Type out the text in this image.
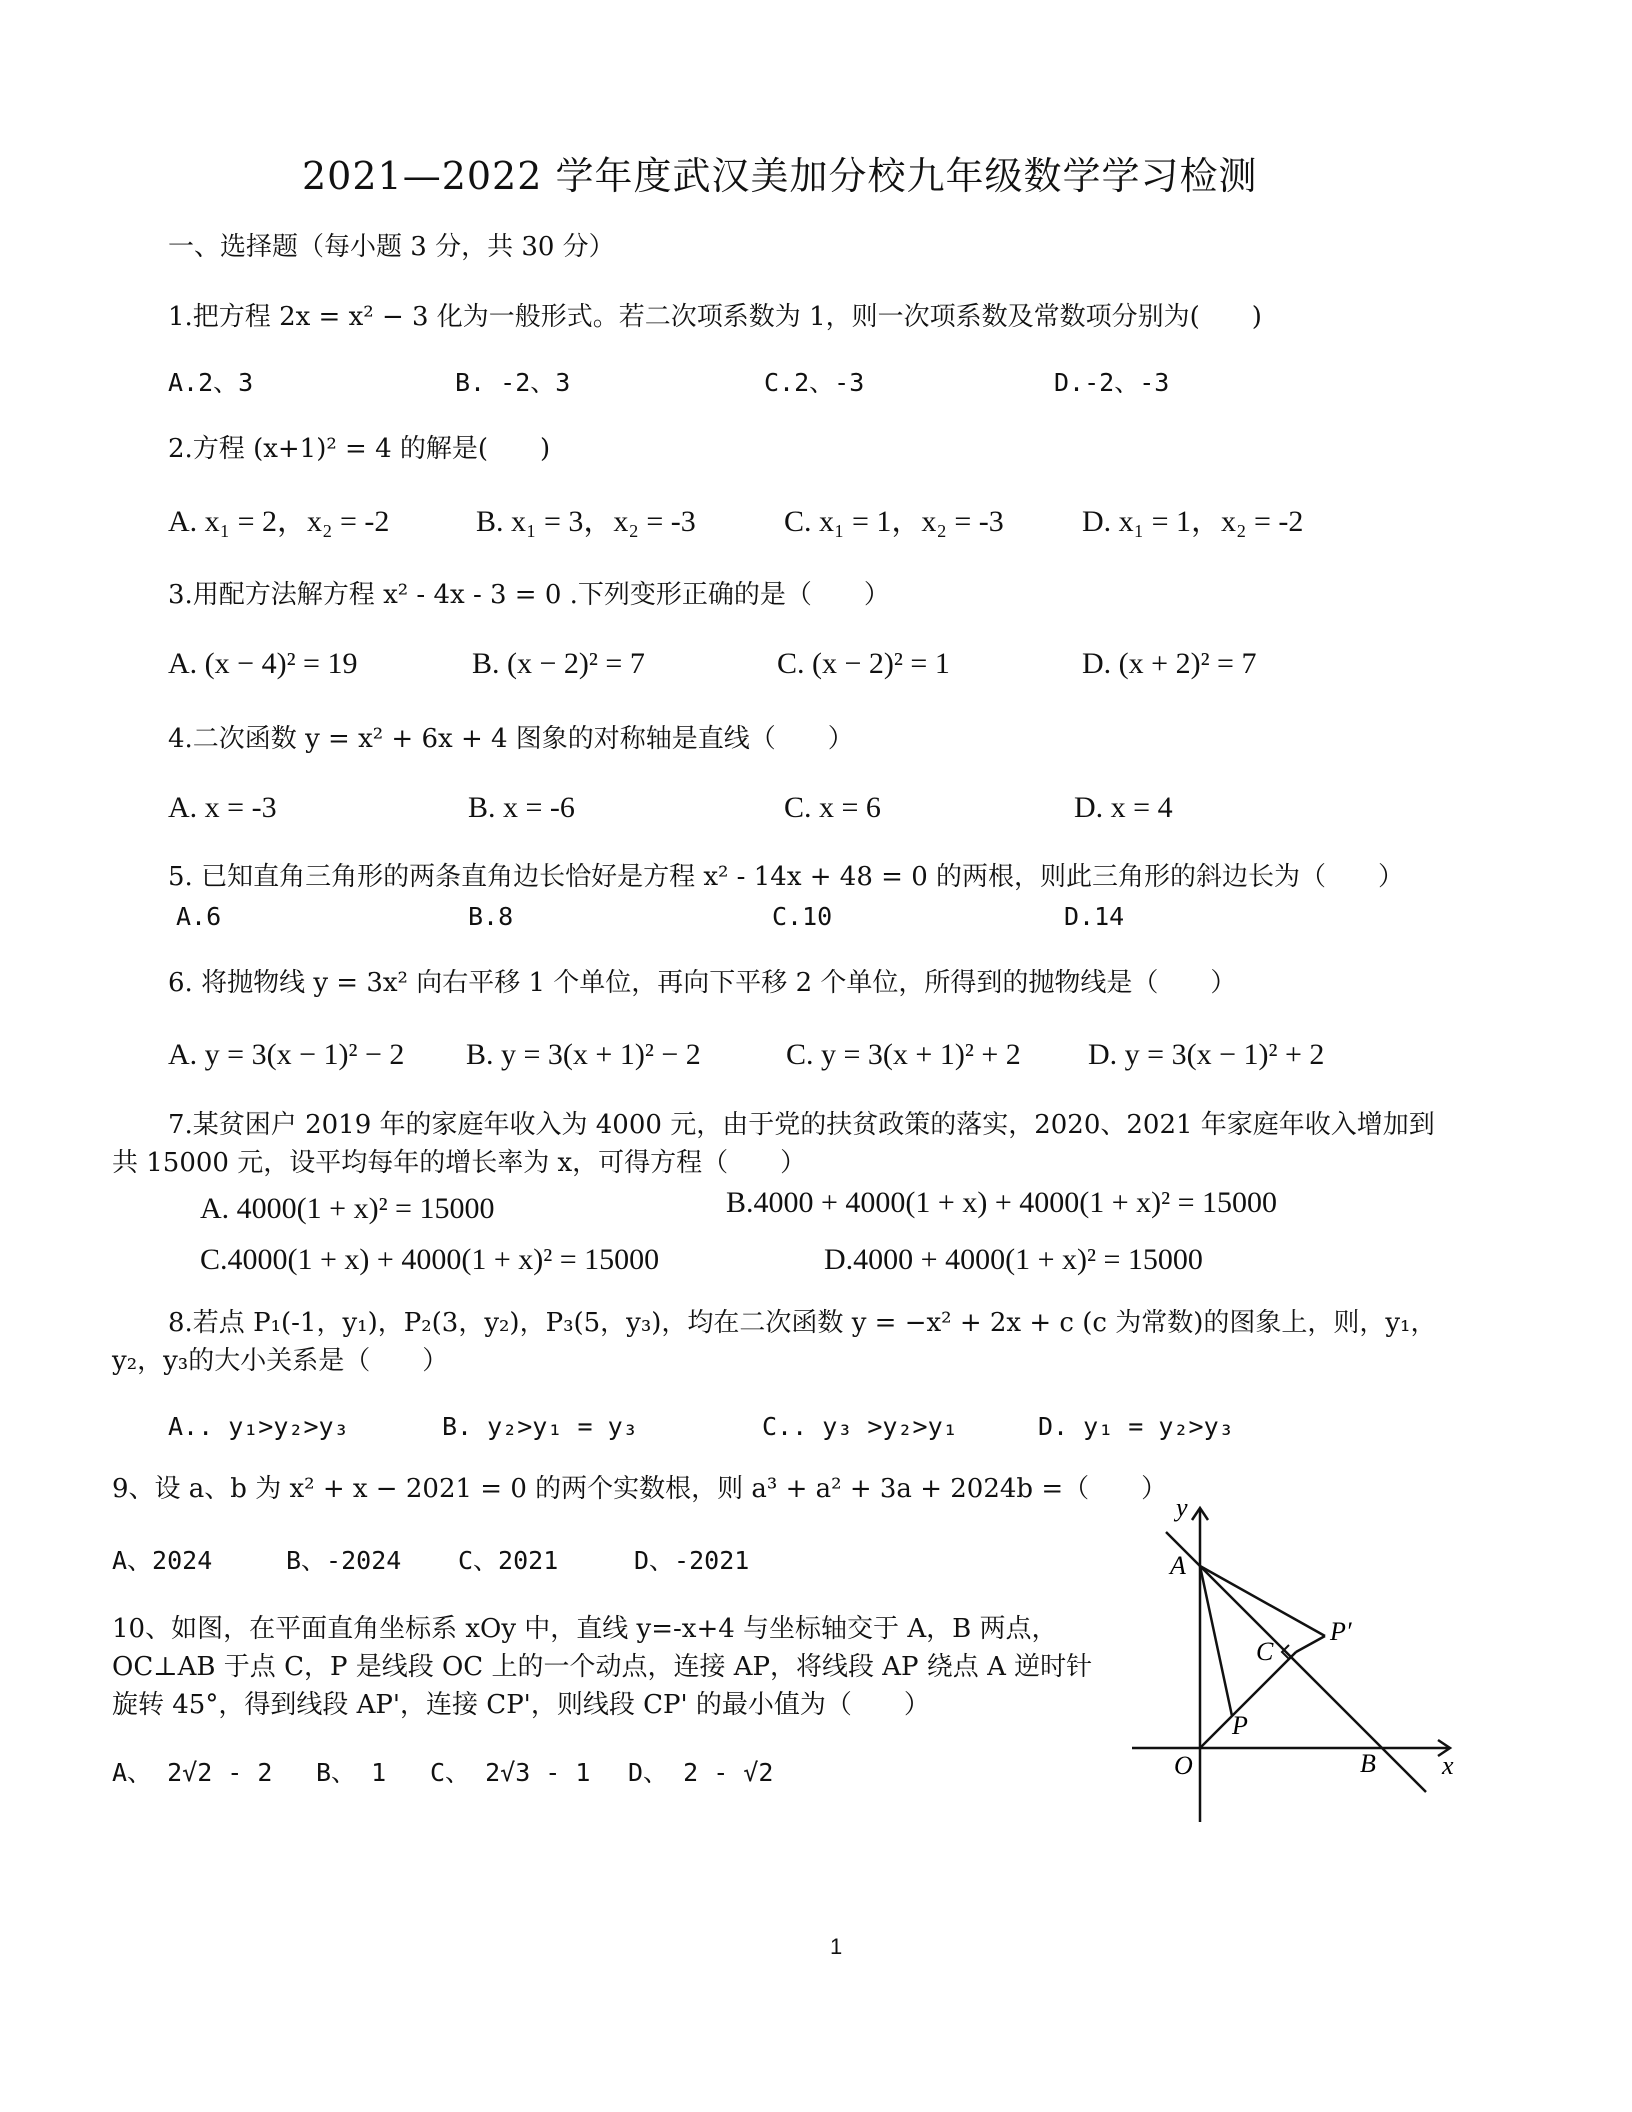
2021—2022 学年度武汉美加分校九年级数学学习检测
一、选择题（每小题 3 分，共 30 分）
1.把方程 2x = x² − 3 化为一般形式。若二次项系数为 1，则一次项系数及常数项分别为(　　)
A.2、3	B. -2、3	C.2、-3	D.-2、-3
2.方程 (x+1)² = 4 的解是(　　)
A. x₁ = 2，x₂ = -2	B. x₁ = 3，x₂ = -3	C. x₁ = 1，x₂ = -3	D. x₁ = 1，x₂ = -2
3.用配方法解方程 x² - 4x - 3 = 0 .下列变形正确的是（　　）
A. (x − 4)² = 19	B. (x − 2)² = 7	C. (x − 2)² = 1	D. (x + 2)² = 7
4.二次函数 y = x² + 6x + 4 图象的对称轴是直线（　　）
A. x = -3	B. x = -6	C. x = 6	D. x = 4
5. 已知直角三角形的两条直角边长恰好是方程 x² - 14x + 48 = 0 的两根，则此三角形的斜边长为（　　）
A.6	B.8	C.10	D.14
6. 将抛物线 y = 3x² 向右平移 1 个单位，再向下平移 2 个单位，所得到的抛物线是（　　）
A. y = 3(x − 1)² − 2 B. y = 3(x + 1)² − 2	C. y = 3(x + 1)² + 2 D. y = 3(x − 1)² + 2
7.某贫困户 2019 年的家庭年收入为 4000 元，由于党的扶贫政策的落实，2020、2021 年家庭年收入增加到
共 15000 元，设平均每年的增长率为 x，可得方程（　　）
A. 4000(1 + x)² = 15000	B.4000 + 4000(1 + x) + 4000(1 + x)² = 15000
C.4000(1 + x) + 4000(1 + x)² = 15000	D.4000 + 4000(1 + x)² = 15000
8.若点 P₁(-1，y₁)，P₂(3，y₂)，P₃(5，y₃)，均在二次函数 y = −x² + 2x + c (c 为常数)的图象上，则，y₁，
y₂，y₃的大小关系是（　　）
A.. y₁>y₂>y₃	B. y₂>y₁ = y₃	C.. y₃ >y₂>y₁	D. y₁ = y₂>y₃
9、设 a、b 为 x² + x − 2021 = 0 的两个实数根，则 a³ + a² + 3a + 2024b =（　　）
A、2024	B、-2024 C、2021	D、-2021
10、如图，在平面直角坐标系 xOy 中，直线 y=-x+4 与坐标轴交于 A，B 两点，
OC⊥AB 于点 C，P 是线段 OC 上的一个动点，连接 AP，将线段 AP 绕点 A 逆时针
旋转 45°，得到线段 AP'，连接 CP'，则线段 CP' 的最小值为（　　）
A、 2√2 - 2 B、 1 C、 2√3 - 1 D、 2 - √2
y
A
C
P′
P
O	B	x
1
